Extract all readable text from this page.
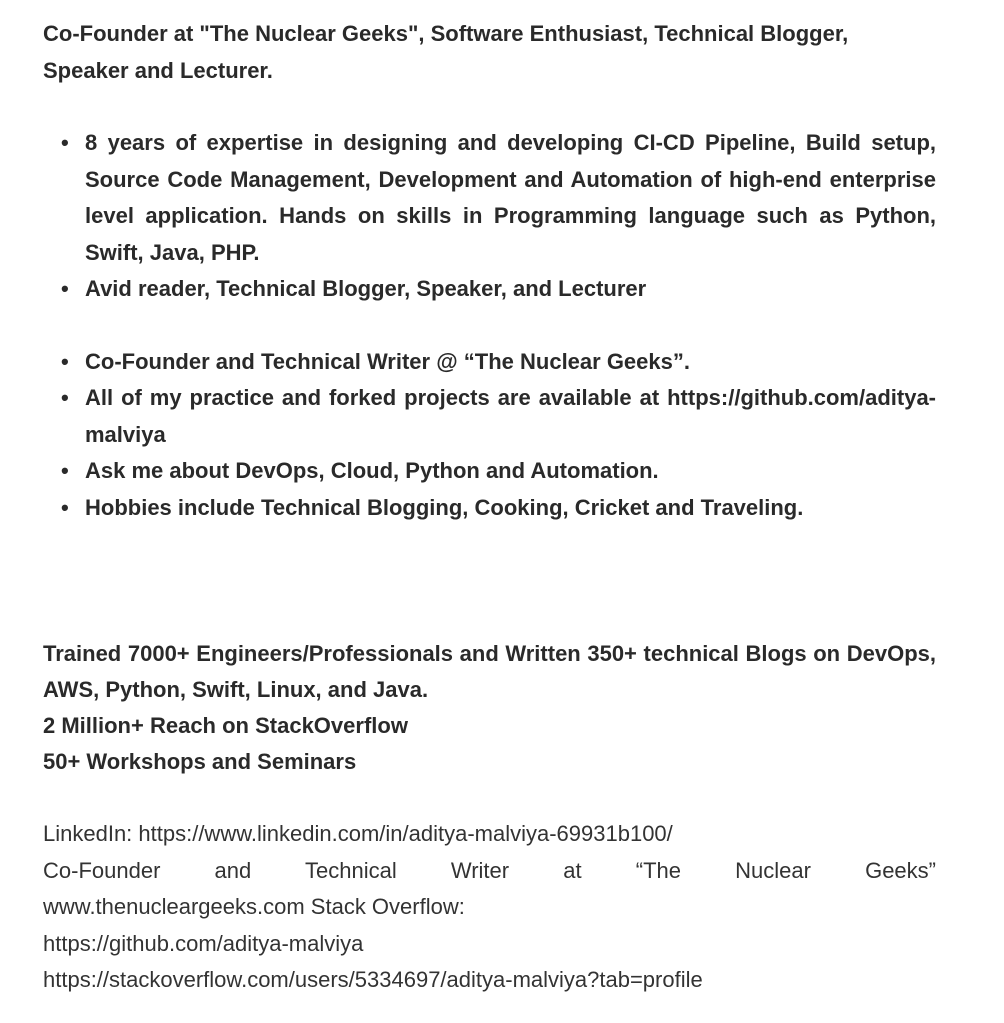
Co-Founder at "The Nuclear Geeks", Software Enthusiast, Technical Blogger, Speaker and Lecturer.

• 8 years of expertise in designing and developing CI-CD Pipeline, Build setup, Source Code Management, Development and Automation of high-end enterprise level application. Hands on skills in Programming language such as Python, Swift, Java, PHP.
• Avid reader, Technical Blogger, Speaker, and Lecturer
• Co-Founder and Technical Writer @ “The Nuclear Geeks”.
• All of my practice and forked projects are available at https://github.com/aditya-malviya
• Ask me about DevOps, Cloud, Python and Automation.
• Hobbies include Technical Blogging, Cooking, Cricket and Traveling.

Trained 7000+ Engineers/Professionals and Written 350+ technical Blogs on DevOps, AWS, Python, Swift, Linux, and Java.

2 Million+ Reach on StackOverflow

50+ Workshops and Seminars

LinkedIn: https://www.linkedin.com/in/aditya-malviya-69931b100/

Co-Founder and Technical Writer at “The Nuclear Geeks”

www.thenucleargeeks.com Stack Overflow:

https://github.com/aditya-malviya

https://stackoverflow.com/users/5334697/aditya-malviya?tab=profile
